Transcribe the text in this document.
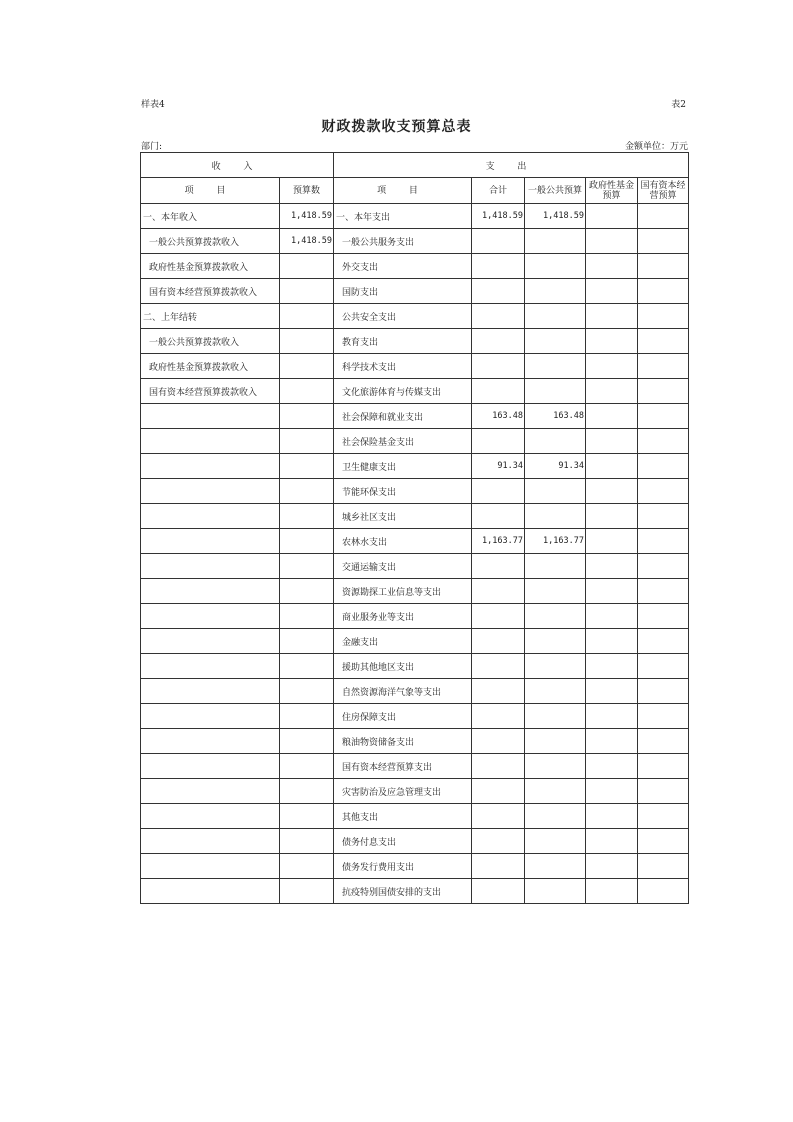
样表4	表2
财政拨款收支预算总表
部门:	金额单位：万元
收 入		支 出				
项 目	预算数	项 目	合计	一般公共预算	政府性基金预算	国有资本经营预算
一、本年收入	1,418.59	一、本年支出	1,418.59	1,418.59		
一般公共预算拨款收入	1,418.59	一般公共服务支出				
政府性基金预算拨款收入		外交支出				
国有资本经营预算拨款收入		国防支出				
二、上年结转		公共安全支出				
一般公共预算拨款收入		教育支出				
政府性基金预算拨款收入		科学技术支出				
国有资本经营预算拨款收入		文化旅游体育与传媒支出				
		社会保障和就业支出	163.48	163.48		
		社会保险基金支出				
		卫生健康支出	91.34	91.34		
		节能环保支出				
		城乡社区支出				
		农林水支出	1,163.77	1,163.77		
		交通运输支出				
		资源勘探工业信息等支出				
		商业服务业等支出				
		金融支出				
		援助其他地区支出				
		自然资源海洋气象等支出				
		住房保障支出				
		粮油物资储备支出				
		国有资本经营预算支出				
		灾害防治及应急管理支出				
		其他支出				
		债务付息支出				
		债务发行费用支出				
		抗疫特别国债安排的支出				
